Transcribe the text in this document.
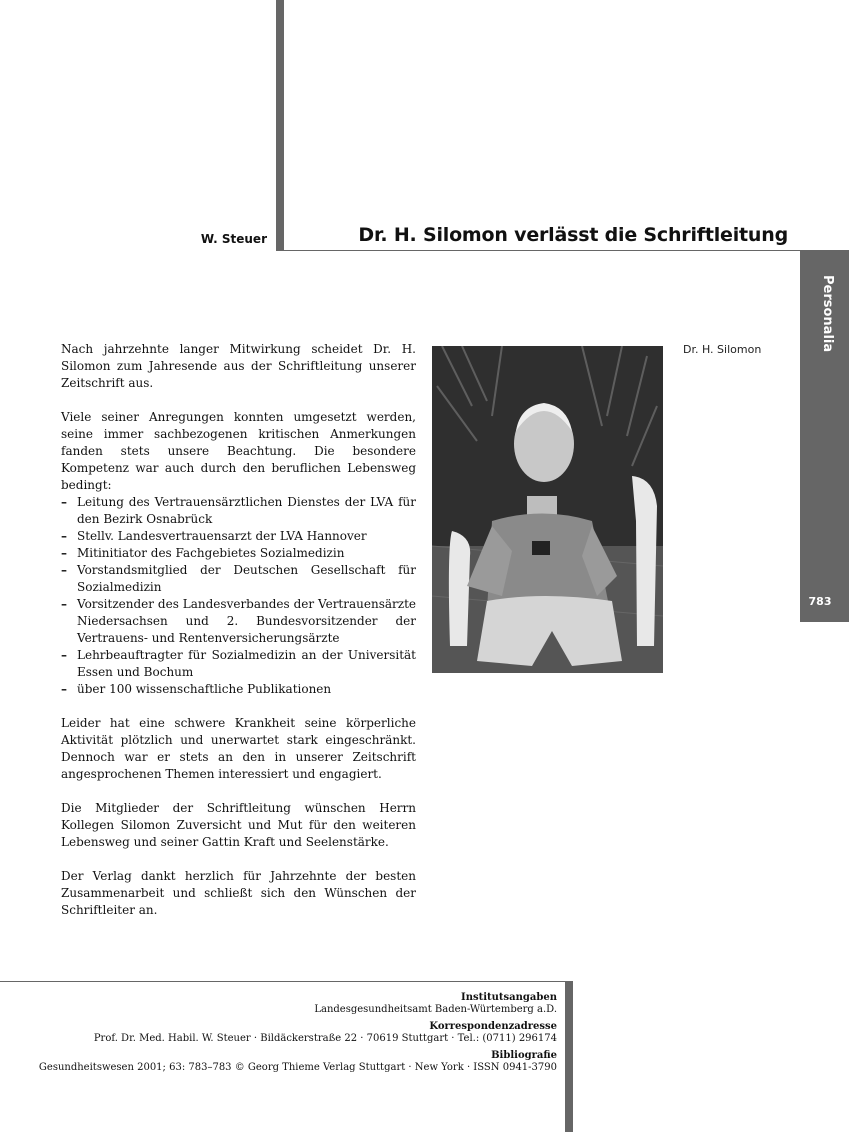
W. Steuer	Dr. H. Silomon verlässt die Schriftleitung
Personalia
783

Nach jahrzehnte langer Mitwirkung scheidet Dr. H. Silomon zum Jahresende aus der Schriftleitung unserer Zeitschrift aus.

Viele seiner Anregungen konnten umgesetzt werden, seine immer sachbezogenen kritischen Anmerkungen fanden stets unsere Beachtung. Die besondere Kompetenz war auch durch den beruflichen Lebensweg bedingt:

– Leitung des Vertrauensärztlichen Dienstes der LVA für den Bezirk Osnabrück
– Stellv. Landesvertrauensarzt der LVA Hannover
– Mitinitiator des Fachgebietes Sozialmedizin
– Vorstandsmitglied der Deutschen Gesellschaft für Sozialmedizin
– Vorsitzender des Landesverbandes der Vertrauensärzte Niedersachsen und 2. Bundesvorsitzender der Vertrauens- und Rentenversicherungsärzte
– Lehrbeauftragter für Sozialmedizin an der Universität Essen und Bochum
– über 100 wissenschaftliche Publikationen

Leider hat eine schwere Krankheit seine körperliche Aktivität plötzlich und unerwartet stark eingeschränkt. Dennoch war er stets an den in unserer Zeitschrift angesprochenen Themen interessiert und engagiert.

Die Mitglieder der Schriftleitung wünschen Herrn Kollegen Silomon Zuversicht und Mut für den weiteren Lebensweg und seiner Gattin Kraft und Seelenstärke.

Der Verlag dankt herzlich für Jahrzehnte der besten Zusammenarbeit und schließt sich den Wünschen der Schriftleiter an.

Dr. H. Silomon
Institutsangaben
Landesgesundheitsamt Baden-Würtemberg a.D.
Korrespondenzadresse
Prof. Dr. Med. Habil. W. Steuer · Bildäckerstraße 22 · 70619 Stuttgart · Tel.: (0711) 296174
Bibliografie
Gesundheitswesen 2001; 63: 783–783 © Georg Thieme Verlag Stuttgart · New York · ISSN 0941-3790
